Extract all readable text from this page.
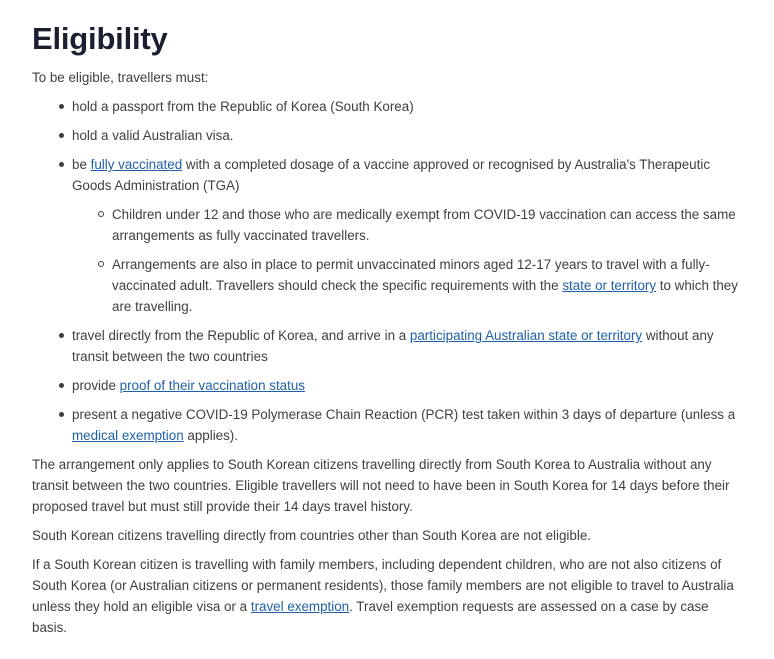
Eligibility

To be eligible, travellers must:

hold a passport from the Republic of Korea (South Korea)
hold a valid Australian visa.
be fully vaccinated with a completed dosage of a vaccine approved or recognised by Australia's Therapeutic Goods Administration (TGA)
Children under 12 and those who are medically exempt from COVID-19 vaccination can access the same arrangements as fully vaccinated travellers.
Arrangements are also in place to permit unvaccinated minors aged 12-17 years to travel with a fully-vaccinated adult. Travellers should check the specific requirements with the state or territory to which they are travelling.
travel directly from the Republic of Korea, and arrive in a participating Australian state or territory without any transit between the two countries
provide proof of their vaccination status
present a negative COVID-19 Polymerase Chain Reaction (PCR) test taken within 3 days of departure (unless a medical exemption applies).

The arrangement only applies to South Korean citizens travelling directly from South Korea to Australia without any transit between the two countries. Eligible travellers will not need to have been in South Korea for 14 days before their proposed travel but must still provide their 14 days travel history.

South Korean citizens travelling directly from countries other than South Korea are not eligible.

If a South Korean citizen is travelling with family members, including dependent children, who are not also citizens of South Korea (or Australian citizens or permanent residents), those family members are not eligible to travel to Australia unless they hold an eligible visa or a travel exemption. Travel exemption requests are assessed on a case by case basis.
